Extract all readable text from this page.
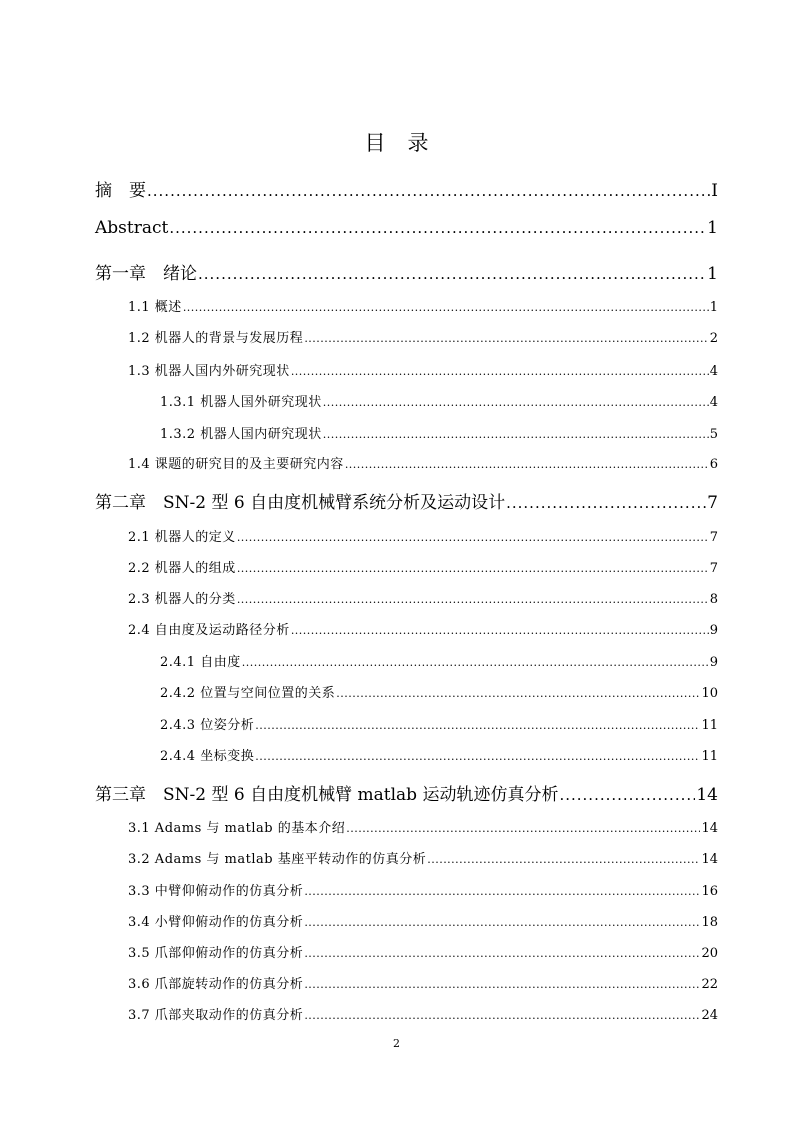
目录
摘　要 .....	I
Abstract .....	1
第一章　绪论 .....	1
1.1 概述 .....	1
1.2 机器人的背景与发展历程 .....	2
1.3 机器人国内外研究现状 .....	4
1.3.1 机器人国外研究现状 .....	4
1.3.2 机器人国内研究现状 .....	5
1.4 课题的研究目的及主要研究内容 .....	6
第二章　SN-2 型 6 自由度机械臂系统分析及运动设计 .....	7
2.1 机器人的定义 .....	7
2.2 机器人的组成 .....	7
2.3 机器人的分类 .....	8
2.4 自由度及运动路径分析 .....	9
2.4.1 自由度 .....	9
2.4.2 位置与空间位置的关系 .....	10
2.4.3 位姿分析 .....	11
2.4.4 坐标变换 .....	11
第三章　SN-2 型 6 自由度机械臂 matlab 运动轨迹仿真分析 .....	14
3.1 Adams 与 matlab 的基本介绍 .....	14
3.2 Adams 与 matlab 基座平转动作的仿真分析 .....	14
3.3 中臂仰俯动作的仿真分析 .....	16
3.4 小臂仰俯动作的仿真分析 .....	18
3.5 爪部仰俯动作的仿真分析 .....	20
3.6 爪部旋转动作的仿真分析 .....	22
3.7 爪部夹取动作的仿真分析 .....	24
2
